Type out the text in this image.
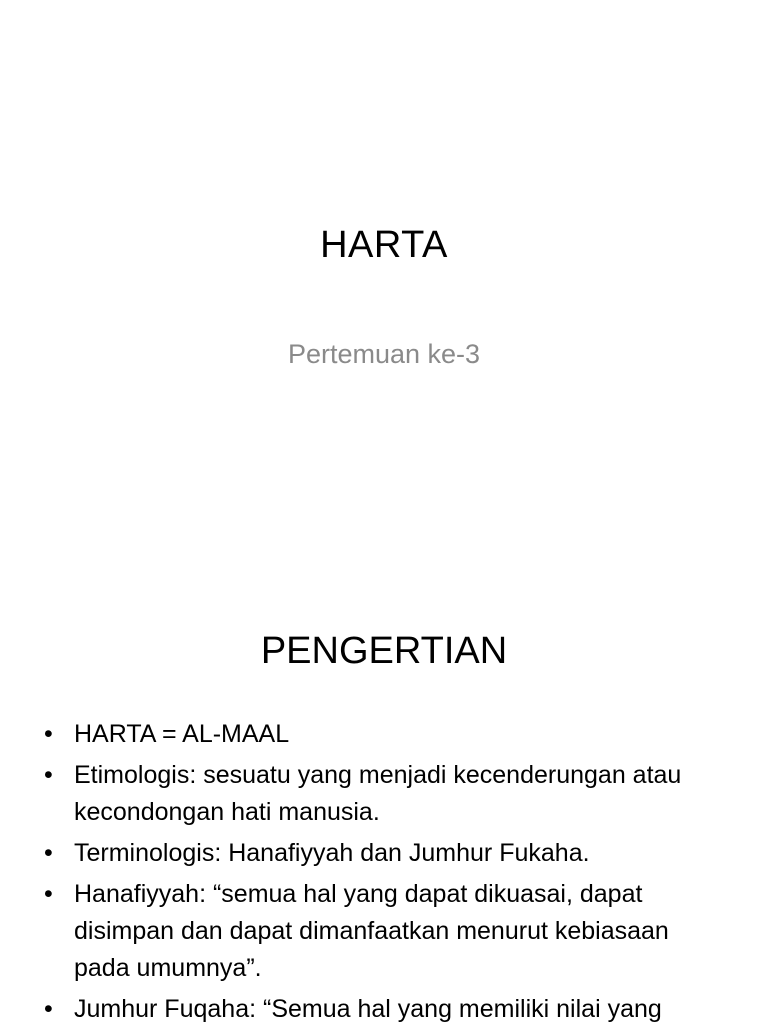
HARTA
Pertemuan ke-3
PENGERTIAN
• HARTA = AL-MAAL
• Etimologis: sesuatu yang menjadi kecenderungan atau kecondongan hati manusia.
• Terminologis: Hanafiyyah dan Jumhur Fukaha.
• Hanafiyyah: “semua hal yang dapat dikuasai, dapat disimpan dan dapat dimanfaatkan menurut kebiasaan pada umumnya”.
• Jumhur Fuqaha: “Semua hal yang memiliki nilai yang
